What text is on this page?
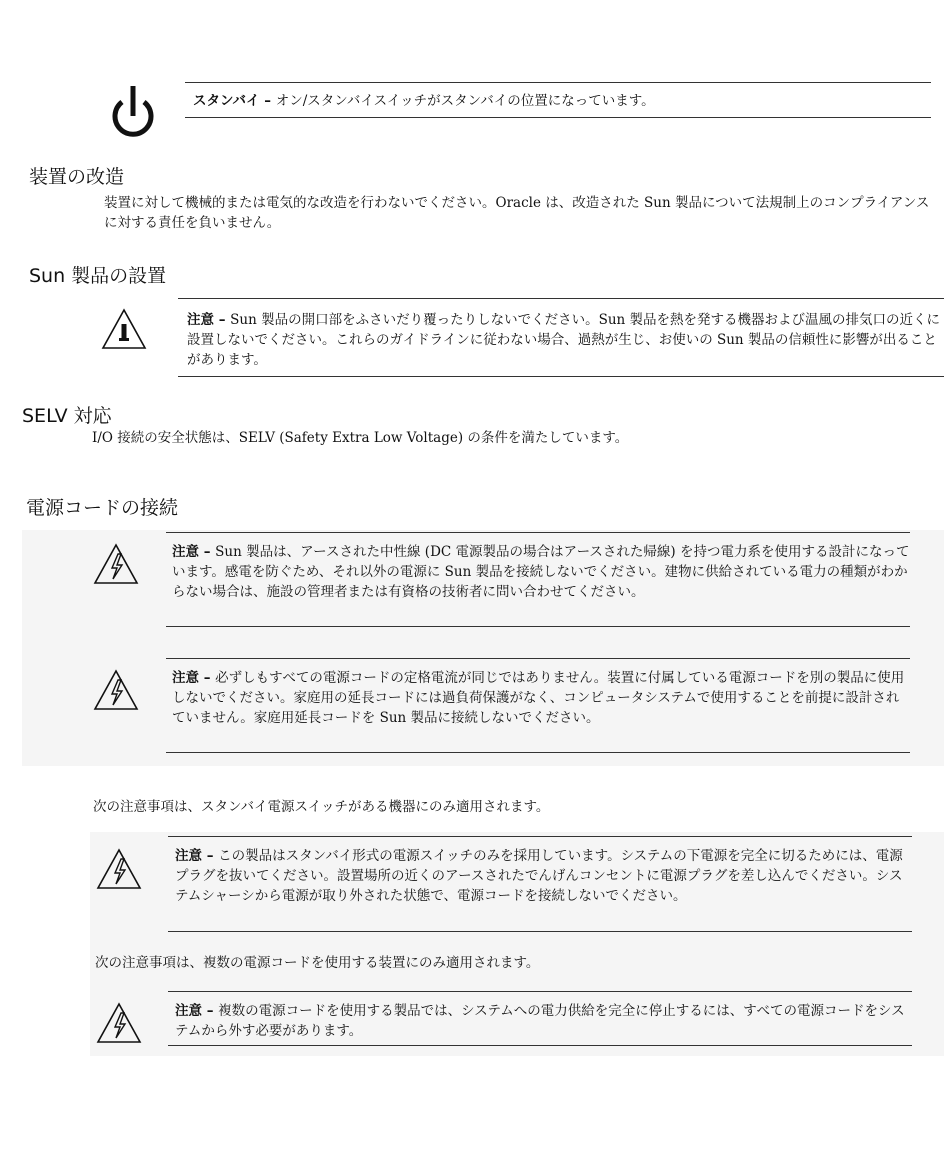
スタンバイ – オン/スタンバイスイッチがスタンバイの位置になっています。
装置の改造
装置に対して機械的または電気的な改造を行わないでください。Oracle は、改造された Sun 製品について法規制上のコンプライアンスに対する責任を負いません。
Sun 製品の設置
注意 – Sun 製品の開口部をふさいだり覆ったりしないでください。Sun 製品を熱を発する機器および温風の排気口の近くに設置しないでください。これらのガイドラインに従わない場合、過熱が生じ、お使いの Sun 製品の信頼性に影響が出ることがあります。
SELV 対応
I/O 接続の安全状態は、SELV (Safety Extra Low Voltage) の条件を満たしています。
電源コードの接続
注意 – Sun 製品は、アースされた中性線 (DC 電源製品の場合はアースされた帰線) を持つ電力系を使用する設計になっています。感電を防ぐため、それ以外の電源に Sun 製品を接続しないでください。建物に供給されている電力の種類がわからない場合は、施設の管理者または有資格の技術者に問い合わせてください。
注意 – 必ずしもすべての電源コードの定格電流が同じではありません。装置に付属している電源コードを別の製品に使用しないでください。家庭用の延長コードには過負荷保護がなく、コンピュータシステムで使用することを前提に設計されていません。家庭用延長コードを Sun 製品に接続しないでください。
次の注意事項は、スタンバイ電源スイッチがある機器にのみ適用されます。
注意 – この製品はスタンバイ形式の電源スイッチのみを採用しています。システムの下電源を完全に切るためには、電源プラグを抜いてください。設置場所の近くのアースされたでんげんコンセントに電源プラグを差し込んでください。システムシャーシから電源が取り外された状態で、電源コードを接続しないでください。
次の注意事項は、複数の電源コードを使用する装置にのみ適用されます。
注意 – 複数の電源コードを使用する製品では、システムへの電力供給を完全に停止するには、すべての電源コードをシステムから外す必要があります。
